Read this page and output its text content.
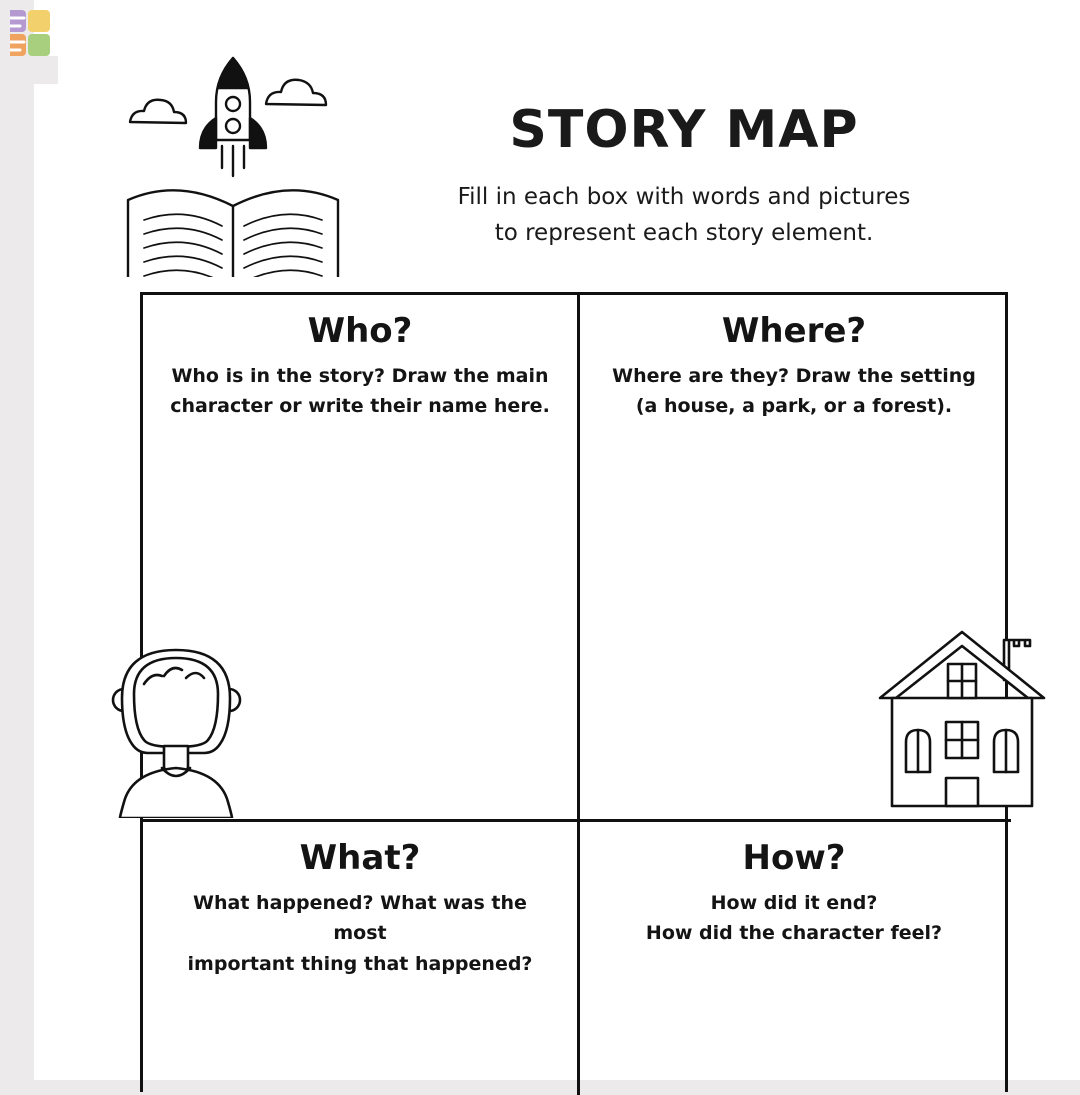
STORY MAP
Fill in each box with words and pictures
to represent each story element.
Who?

Who is in the story? Draw the main
character or write their name here.

Where?

Where are they? Draw the setting
(a house, a park, or a forest).

What?

What happened? What was the most
important thing that happened?

How?

How did it end?
How did the character feel?
